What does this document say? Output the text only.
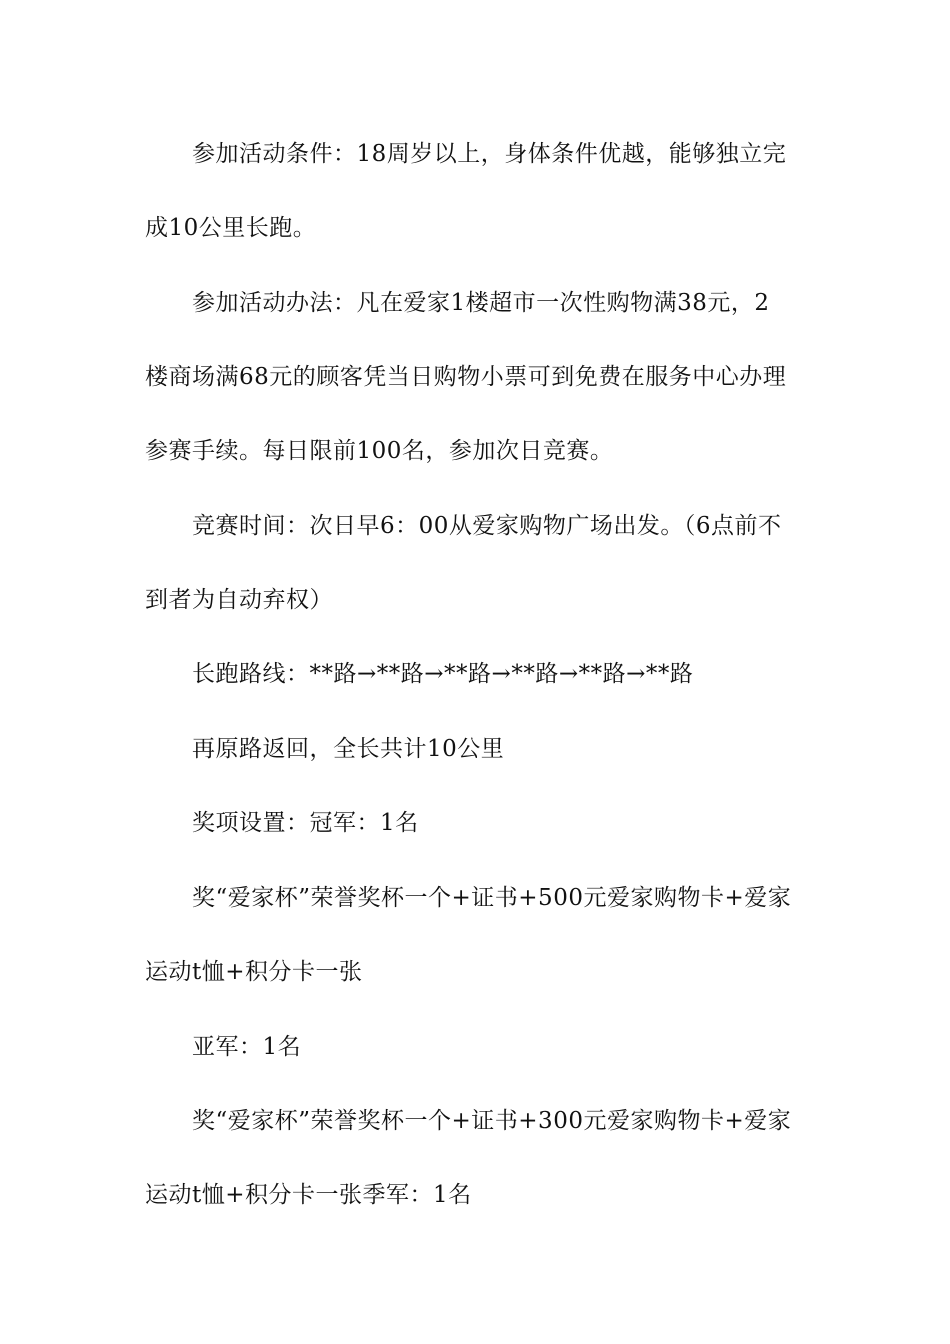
参加活动条件：18周岁以上，身体条件优越，能够独立完
成10公里长跑。
参加活动办法：凡在爱家1楼超市一次性购物满38元，2
楼商场满68元的顾客凭当日购物小票可到免费在服务中心办理
参赛手续。每日限前100名，参加次日竞赛。
竞赛时间：次日早6：00从爱家购物广场出发。（6点前不
到者为自动弃权）
长跑路线：**路→**路→**路→**路→**路→**路
再原路返回，全长共计10公里
奖项设置：冠军：1名
奖“爱家杯”荣誉奖杯一个+证书+500元爱家购物卡+爱家
运动t恤+积分卡一张
亚军：1名
奖“爱家杯”荣誉奖杯一个+证书+300元爱家购物卡+爱家
运动t恤+积分卡一张季军：1名
